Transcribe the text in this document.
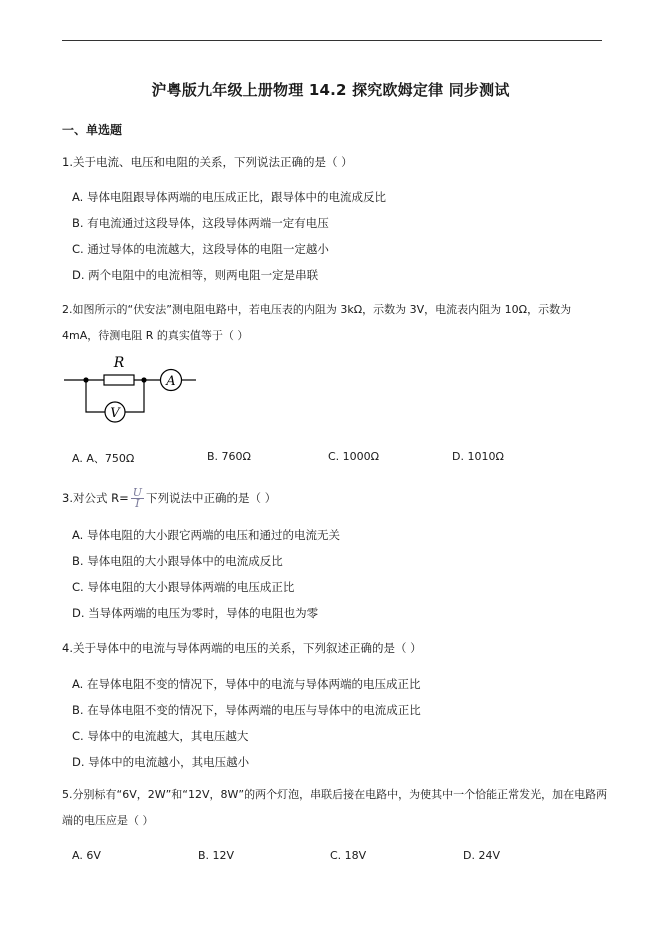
沪粤版九年级上册物理 14.2 探究欧姆定律 同步测试
一、单选题
1.关于电流、电压和电阻的关系，下列说法正确的是（ ）
A. 导体电阻跟导体两端的电压成正比，跟导体中的电流成反比
B. 有电流通过这段导体，这段导体两端一定有电压
C. 通过导体的电流越大，这段导体的电阻一定越小
D. 两个电阻中的电流相等，则两电阻一定是串联
2.如图所示的“伏安法”测电阻电路中，若电压表的内阻为 3kΩ，示数为 3V，电流表内阻为 10Ω，示数为 4mA，待测电阻 R 的真实值等于（ ）
R
A
V
A. A、750Ω	B. 760Ω	C. 1000Ω	D. 1010Ω
3.对公式 $R= \frac{U}{I}$ 下列说法中正确的是（ ）
A. 导体电阻的大小跟它两端的电压和通过的电流无关
B. 导体电阻的大小跟导体中的电流成反比
C. 导体电阻的大小跟导体两端的电压成正比
D. 当导体两端的电压为零时，导体的电阻也为零
4.关于导体中的电流与导体两端的电压的关系，下列叙述正确的是（ ）
A. 在导体电阻不变的情况下，导体中的电流与导体两端的电压成正比
B. 在导体电阻不变的情况下，导体两端的电压与导体中的电流成正比
C. 导体中的电流越大，其电压越大
D. 导体中的电流越小，其电压越小
5.分别标有“6V，2W”和“12V，8W”的两个灯泡，串联后接在电路中，为使其中一个恰能正常发光，加在电路两端的电压应是（ ）
A. 6V	B. 12V	C. 18V	D. 24V
